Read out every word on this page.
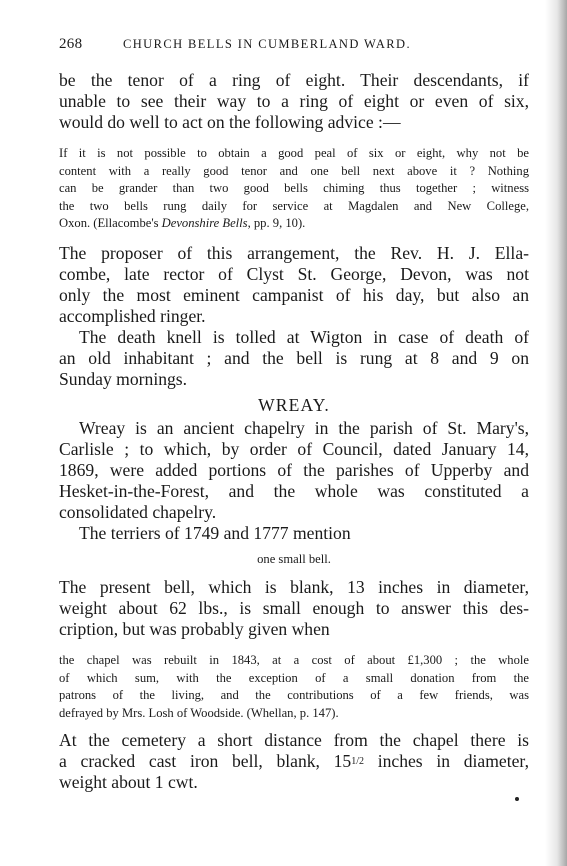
268	CHURCH BELLS IN CUMBERLAND WARD.
be the tenor of a ring of eight. Their descendants, if
unable to see their way to a ring of eight or even of six,
would do well to act on the following advice :—
If it is not possible to obtain a good peal of six or eight, why not be
content with a really good tenor and one bell next above it ? Nothing
can be grander than two good bells chiming thus together ; witness
the two bells rung daily for service at Magdalen and New College,
Oxon. (Ellacombe's Devonshire Bells, pp. 9, 10).
The proposer of this arrangement, the Rev. H. J. Ella-
combe, late rector of Clyst St. George, Devon, was not
only the most eminent campanist of his day, but also an
accomplished ringer.
The death knell is tolled at Wigton in case of death of
an old inhabitant ; and the bell is rung at 8 and 9 on
Sunday mornings.
WREAY.
Wreay is an ancient chapelry in the parish of St. Mary's,
Carlisle ; to which, by order of Council, dated January 14,
1869, were added portions of the parishes of Upperby and
Hesket-in-the-Forest, and the whole was constituted a
consolidated chapelry.
The terriers of 1749 and 1777 mention
one small bell.
The present bell, which is blank, 13 inches in diameter,
weight about 62 lbs., is small enough to answer this des-
cription, but was probably given when
the chapel was rebuilt in 1843, at a cost of about £1,300 ; the whole
of which sum, with the exception of a small donation from the
patrons of the living, and the contributions of a few friends, was
defrayed by Mrs. Losh of Woodside. (Whellan, p. 147).
At the cemetery a short distance from the chapel there is
a cracked cast iron bell, blank, 151/2 inches in diameter,
weight about 1 cwt.
